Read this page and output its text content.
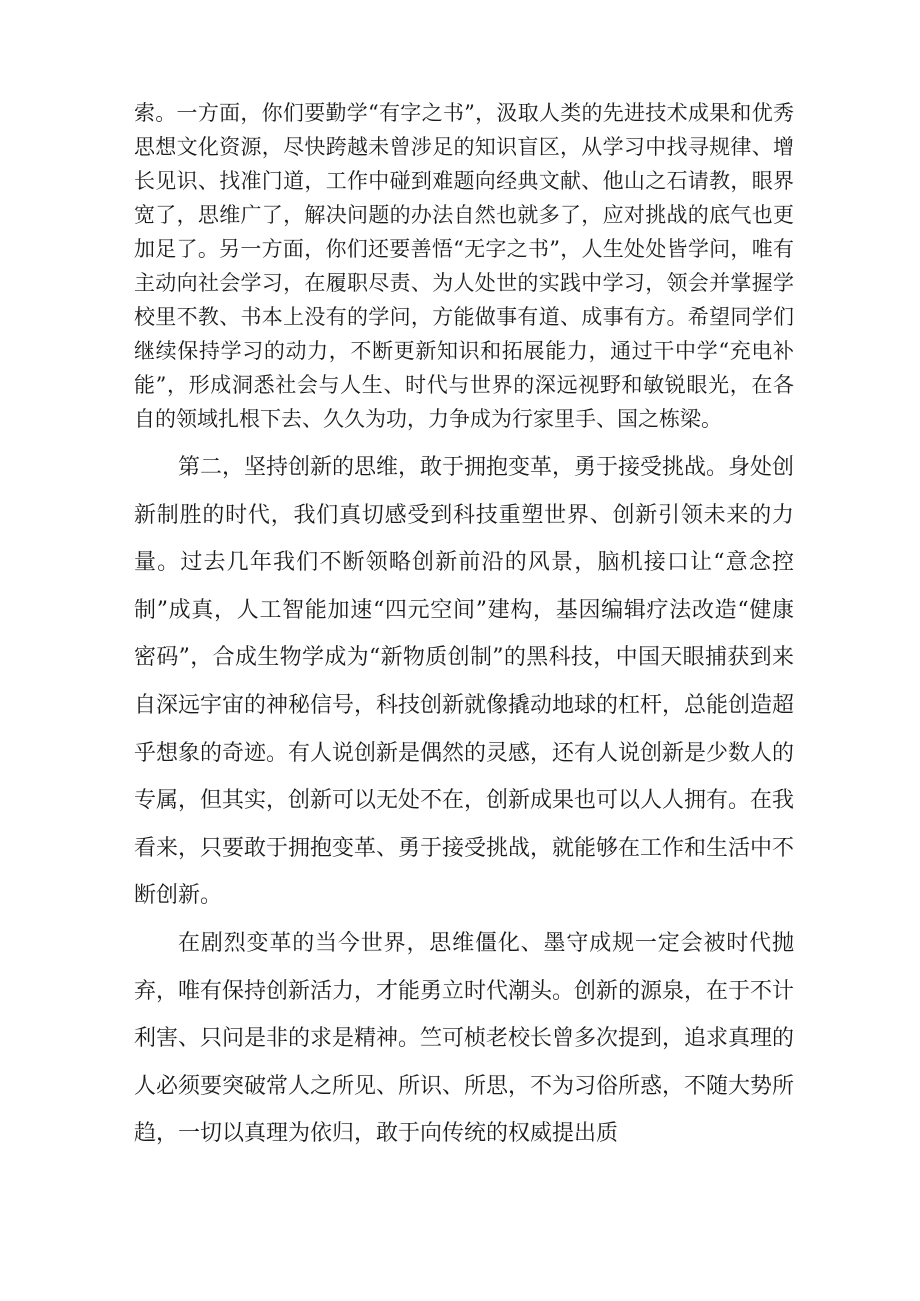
索。一方面，你们要勤学“有字之书”，汲取人类的先进技术成果和优秀思想文化资源，尽快跨越未曾涉足的知识盲区，从学习中找寻规律、增长见识、找准门道，工作中碰到难题向经典文献、他山之石请教，眼界宽了，思维广了，解决问题的办法自然也就多了，应对挑战的底气也更加足了。另一方面，你们还要善悟“无字之书”，人生处处皆学问，唯有主动向社会学习，在履职尽责、为人处世的实践中学习，领会并掌握学校里不教、书本上没有的学问，方能做事有道、成事有方。希望同学们继续保持学习的动力，不断更新知识和拓展能力，通过干中学“充电补能”，形成洞悉社会与人生、时代与世界的深远视野和敏锐眼光，在各自的领域扎根下去、久久为功，力争成为行家里手、国之栋梁。

第二，坚持创新的思维，敢于拥抱变革，勇于接受挑战。身处创新制胜的时代，我们真切感受到科技重塑世界、创新引领未来的力量。过去几年我们不断领略创新前沿的风景，脑机接口让“意念控制”成真，人工智能加速“四元空间”建构，基因编辑疗法改造“健康密码”，合成生物学成为“新物质创制”的黑科技，中国天眼捕获到来自深远宇宙的神秘信号，科技创新就像撬动地球的杠杆，总能创造超乎想象的奇迹。有人说创新是偶然的灵感，还有人说创新是少数人的专属，但其实，创新可以无处不在，创新成果也可以人人拥有。在我看来，只要敢于拥抱变革、勇于接受挑战，就能够在工作和生活中不断创新。

在剧烈变革的当今世界，思维僵化、墨守成规一定会被时代抛弃，唯有保持创新活力，才能勇立时代潮头。创新的源泉，在于不计利害、只问是非的求是精神。竺可桢老校长曾多次提到，追求真理的人必须要突破常人之所见、所识、所思，不为习俗所惑，不随大势所趋，一切以真理为依归，敢于向传统的权威提出质
